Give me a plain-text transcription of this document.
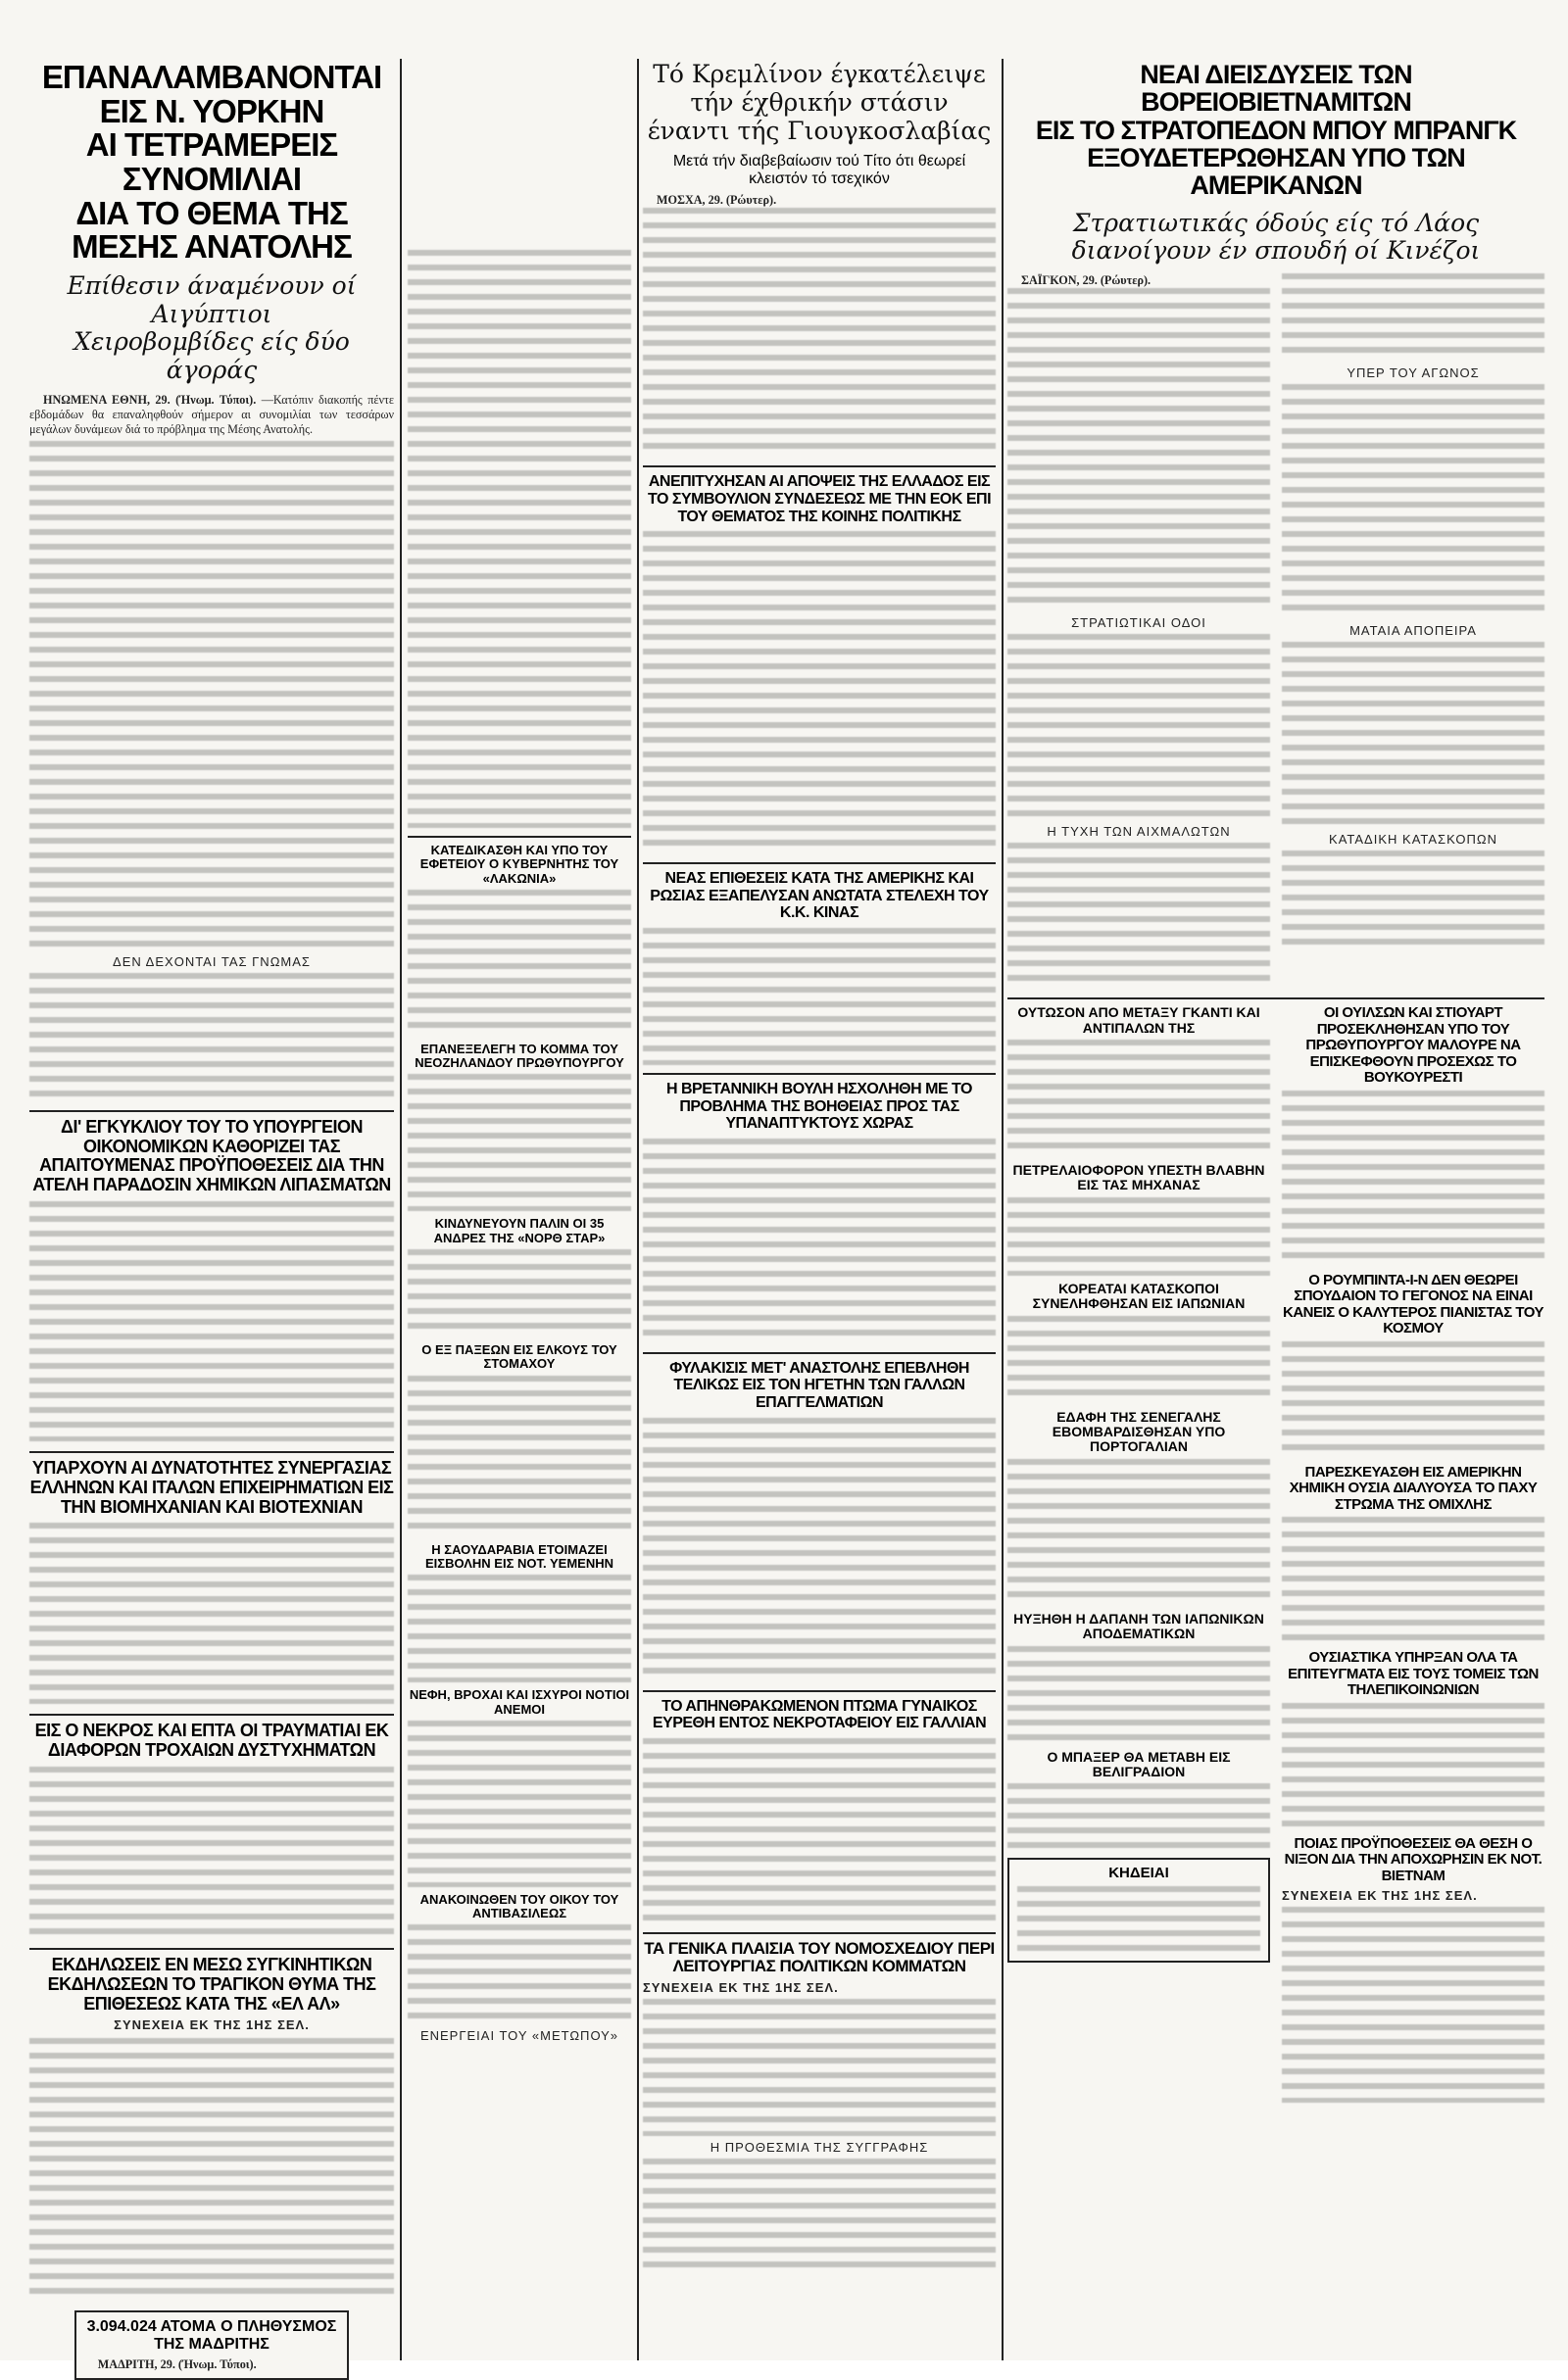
ΕΠΑΝΑΛΑΜΒΑΝΟΝΤΑΙ ΕΙΣ Ν. ΥΟΡΚΗΝ
ΑΙ ΤΕΤΡΑΜΕΡΕΙΣ ΣΥΝΟΜΙΛΙΑΙ
ΔΙΑ ΤΟ ΘΕΜΑ ΤΗΣ ΜΕΣΗΣ ΑΝΑΤΟΛΗΣ
Επίθεσιν άναμένουν οί Αιγύπτιοι
Χειροβομβίδες είς δύο άγοράς

ΗΝΩΜΕΝΑ ΕΘΝΗ, 29. (Ήνωμ. Τύποι). —Κατόπιν διακοπής πέντε εβδομάδων θα επαναληφθούν σήμερον αι συνομιλίαι των τεσσάρων μεγάλων δυνάμεων διά το πρόβλημα της Μέσης Ανατολής.

ΔΕΝ ΔΕΧΟΝΤΑΙ ΤΑΣ ΓΝΩΜΑΣ
ΔΙ' ΕΓΚΥΚΛΙΟΥ ΤΟΥ ΤΟ ΥΠΟΥΡΓΕΙΟΝ ΟΙΚΟΝΟΜΙΚΩΝ ΚΑΘΟΡΙΖΕΙ ΤΑΣ ΑΠΑΙΤΟΥΜΕΝΑΣ ΠΡΟΫΠΟΘΕΣΕΙΣ ΔΙΑ ΤΗΝ ΑΤΕΛΗ ΠΑΡΑΔΟΣΙΝ ΧΗΜΙΚΩΝ ΛΙΠΑΣΜΑΤΩΝ
ΥΠΑΡΧΟΥΝ ΑΙ ΔΥΝΑΤΟΤΗΤΕΣ ΣΥΝΕΡΓΑΣΙΑΣ ΕΛΛΗΝΩΝ ΚΑΙ ΙΤΑΛΩΝ ΕΠΙΧΕΙΡΗΜΑΤΙΩΝ ΕΙΣ ΤΗΝ ΒΙΟΜΗΧΑΝΙΑΝ ΚΑΙ ΒΙΟΤΕΧΝΙΑΝ
ΕΙΣ Ο ΝΕΚΡΟΣ ΚΑΙ ΕΠΤΑ ΟΙ ΤΡΑΥΜΑΤΙΑΙ ΕΚ ΔΙΑΦΟΡΩΝ ΤΡΟΧΑΙΩΝ ΔΥΣΤΥΧΗΜΑΤΩΝ
ΕΚΔΗΛΩΣΕΙΣ ΕΝ ΜΕΣΩ ΣΥΓΚΙΝΗΤΙΚΩΝ ΕΚΔΗΛΩΣΕΩΝ ΤΟ ΤΡΑΓΙΚΟΝ ΘΥΜΑ ΤΗΣ ΕΠΙΘΕΣΕΩΣ ΚΑΤΑ ΤΗΣ «ΕΛ ΑΛ»
ΣΥΝΕΧΕΙΑ ΕΚ ΤΗΣ 1ΗΣ ΣΕΛ.
3.094.024 ΑΤΟΜΑ Ο ΠΛΗΘΥΣΜΟΣ ΤΗΣ ΜΑΔΡΙΤΗΣ

ΜΑΔΡΙΤΗ, 29. (Ήνωμ. Τύποι).

ΚΑΤΕΔΙΚΑΣΘΗ ΚΑΙ ΥΠΟ ΤΟΥ ΕΦΕΤΕΙΟΥ Ο ΚΥΒΕΡΝΗΤΗΣ ΤΟΥ «ΛΑΚΩΝΙΑ»
ΕΠΑΝΕΞΕΛΕΓΗ ΤΟ ΚΟΜΜΑ ΤΟΥ ΝΕΟΖΗΛΑΝΔΟΥ ΠΡΩΘΥΠΟΥΡΓΟΥ
ΚΙΝΔΥΝΕΥΟΥΝ ΠΑΛΙΝ ΟΙ 35 ΑΝΔΡΕΣ ΤΗΣ «ΝΟΡΘ ΣΤΑΡ»
Ο ΕΞ ΠΑΞΕΩΝ ΕΙΣ ΕΛΚΟΥΣ ΤΟΥ ΣΤΟΜΑΧΟΥ
Η ΣΑΟΥΔΑΡΑΒΙΑ ΕΤΟΙΜΑΖΕΙ ΕΙΣΒΟΛΗΝ ΕΙΣ ΝΟΤ. ΥΕΜΕΝΗΝ
ΝΕΦΗ, ΒΡΟΧΑΙ ΚΑΙ ΙΣΧΥΡΟΙ ΝΟΤΙΟΙ ΑΝΕΜΟΙ
ΑΝΑΚΟΙΝΩΘΕΝ ΤΟΥ ΟΙΚΟΥ ΤΟΥ ΑΝΤΙΒΑΣΙΛΕΩΣ
ΕΝΕΡΓΕΙΑΙ ΤΟΥ «ΜΕΤΩΠΟΥ»
Τό Κρεμλίνον έγκατέλειψε
τήν έχθρικήν στάσιν
έναντι τής Γιουγκοσλαβίας
Μετά τήν διαβεβαίωσιν τού Τίτο ότι θεωρεί κλειστόν τό τσεχικόν

ΜΟΣΧΑ, 29. (Ρώυτερ).

ΑΝΕΠΙΤΥΧΗΣΑΝ ΑΙ ΑΠΟΨΕΙΣ ΤΗΣ ΕΛΛΑΔΟΣ ΕΙΣ ΤΟ ΣΥΜΒΟΥΛΙΟΝ ΣΥΝΔΕΣΕΩΣ ΜΕ ΤΗΝ ΕΟΚ ΕΠΙ ΤΟΥ ΘΕΜΑΤΟΣ ΤΗΣ ΚΟΙΝΗΣ ΠΟΛΙΤΙΚΗΣ
ΝΕΑΣ ΕΠΙΘΕΣΕΙΣ ΚΑΤΑ ΤΗΣ ΑΜΕΡΙΚΗΣ ΚΑΙ ΡΩΣΙΑΣ ΕΞΑΠΕΛΥΣΑΝ ΑΝΩΤΑΤΑ ΣΤΕΛΕΧΗ ΤΟΥ Κ.Κ. ΚΙΝΑΣ
Η ΒΡΕΤΑΝΝΙΚΗ ΒΟΥΛΗ ΗΣΧΟΛΗΘΗ ΜΕ ΤΟ ΠΡΟΒΛΗΜΑ ΤΗΣ ΒΟΗΘΕΙΑΣ ΠΡΟΣ ΤΑΣ ΥΠΑΝΑΠΤΥΚΤΟΥΣ ΧΩΡΑΣ
ΦΥΛΑΚΙΣΙΣ ΜΕΤ' ΑΝΑΣΤΟΛΗΣ ΕΠΕΒΛΗΘΗ ΤΕΛΙΚΩΣ ΕΙΣ ΤΟΝ ΗΓΕΤΗΝ ΤΩΝ ΓΑΛΛΩΝ ΕΠΑΓΓΕΛΜΑΤΙΩΝ
ΤΟ ΑΠΗΝΘΡΑΚΩΜΕΝΟΝ ΠΤΩΜΑ ΓΥΝΑΙΚΟΣ ΕΥΡΕΘΗ ΕΝΤΟΣ ΝΕΚΡΟΤΑΦΕΙΟΥ ΕΙΣ ΓΑΛΛΙΑΝ
ΤΑ ΓΕΝΙΚΑ ΠΛΑΙΣΙΑ ΤΟΥ ΝΟΜΟΣΧΕΔΙΟΥ ΠΕΡΙ ΛΕΙΤΟΥΡΓΙΑΣ ΠΟΛΙΤΙΚΩΝ ΚΟΜΜΑΤΩΝ
ΣΥΝΕΧΕΙΑ ΕΚ ΤΗΣ 1ΗΣ ΣΕΛ.
Η ΠΡΟΘΕΣΜΙΑ ΤΗΣ ΣΥΓΓΡΑΦΗΣ
ΝΕΑΙ ΔΙΕΙΣΔΥΣΕΙΣ ΤΩΝ ΒΟΡΕΙΟΒΙΕΤΝΑΜΙΤΩΝ
ΕΙΣ ΤΟ ΣΤΡΑΤΟΠΕΔΟΝ ΜΠΟΥ ΜΠΡΑΝΓΚ
ΕΞΟΥΔΕΤΕΡΩΘΗΣΑΝ ΥΠΟ ΤΩΝ ΑΜΕΡΙΚΑΝΩΝ
Στρατιωτικάς όδούς είς τό Λάος
διανοίγουν έν σπουδή οί Κινέζοι

ΣΑΪΓΚΟΝ, 29. (Ρώυτερ).

ΣΤΡΑΤΙΩΤΙΚΑΙ ΟΔΟΙ
Η ΤΥΧΗ ΤΩΝ ΑΙΧΜΑΛΩΤΩΝ
ΥΠΕΡ ΤΟΥ ΑΓΩΝΟΣ
ΜΑΤΑΙΑ ΑΠΟΠΕΙΡΑ
ΚΑΤΑΔΙΚΗ ΚΑΤΑΣΚΟΠΩΝ
ΟΥΤΩΣΟΝ ΑΠΟ ΜΕΤΑΞΥ ΓΚΑΝΤΙ ΚΑΙ ΑΝΤΙΠΑΛΩΝ ΤΗΣ
ΠΕΤΡΕΛΑΙΟΦΟΡΟΝ ΥΠΕΣΤΗ ΒΛΑΒΗΝ ΕΙΣ ΤΑΣ ΜΗΧΑΝΑΣ
ΚΟΡΕΑΤΑΙ ΚΑΤΑΣΚΟΠΟΙ ΣΥΝΕΛΗΦΘΗΣΑΝ ΕΙΣ ΙΑΠΩΝΙΑΝ
ΕΔΑΦΗ ΤΗΣ ΣΕΝΕΓΑΛΗΣ ΕΒΟΜΒΑΡΔΙΣΘΗΣΑΝ ΥΠΟ ΠΟΡΤΟΓΑΛΙΑΝ
ΗΥΞΗΘΗ Η ΔΑΠΑΝΗ ΤΩΝ ΙΑΠΩΝΙΚΩΝ ΑΠΟΔΕΜΑΤΙΚΩΝ
Ο ΜΠΑΞΕΡ ΘΑ ΜΕΤΑΒΗ ΕΙΣ ΒΕΛΙΓΡΑΔΙΟΝ
ΚΗΔΕΙΑΙ
ΟΙ ΟΥΙΛΣΩΝ ΚΑΙ ΣΤΙΟΥΑΡΤ ΠΡΟΣΕΚΛΗΘΗΣΑΝ ΥΠΟ ΤΟΥ ΠΡΩΘΥΠΟΥΡΓΟΥ ΜΑΛΟΥΡΕ ΝΑ ΕΠΙΣΚΕΦΘΟΥΝ ΠΡΟΣΕΧΩΣ ΤΟ ΒΟΥΚΟΥΡΕΣΤΙ
Ο ΡΟΥΜΠΙΝΤΑ-Ι-Ν ΔΕΝ ΘΕΩΡΕΙ ΣΠΟΥΔΑΙΟΝ ΤΟ ΓΕΓΟΝΟΣ ΝΑ ΕΙΝΑΙ ΚΑΝΕΙΣ Ο ΚΑΛΥΤΕΡΟΣ ΠΙΑΝΙΣΤΑΣ ΤΟΥ ΚΟΣΜΟΥ
ΠΑΡΕΣΚΕΥΑΣΘΗ ΕΙΣ ΑΜΕΡΙΚΗΝ ΧΗΜΙΚΗ ΟΥΣΙΑ ΔΙΑΛΥΟΥΣΑ ΤΟ ΠΑΧΥ ΣΤΡΩΜΑ ΤΗΣ ΟΜΙΧΛΗΣ
ΟΥΣΙΑΣΤΙΚΑ ΥΠΗΡΞΑΝ ΟΛΑ ΤΑ ΕΠΙΤΕΥΓΜΑΤΑ ΕΙΣ ΤΟΥΣ ΤΟΜΕΙΣ ΤΩΝ ΤΗΛΕΠΙΚΟΙΝΩΝΙΩΝ
ΠΟΙΑΣ ΠΡΟΫΠΟΘΕΣΕΙΣ ΘΑ ΘΕΣΗ Ο ΝΙΞΟΝ ΔΙΑ ΤΗΝ ΑΠΟΧΩΡΗΣΙΝ ΕΚ ΝΟΤ. ΒΙΕΤΝΑΜ
ΣΥΝΕΧΕΙΑ ΕΚ ΤΗΣ 1ΗΣ ΣΕΛ.
